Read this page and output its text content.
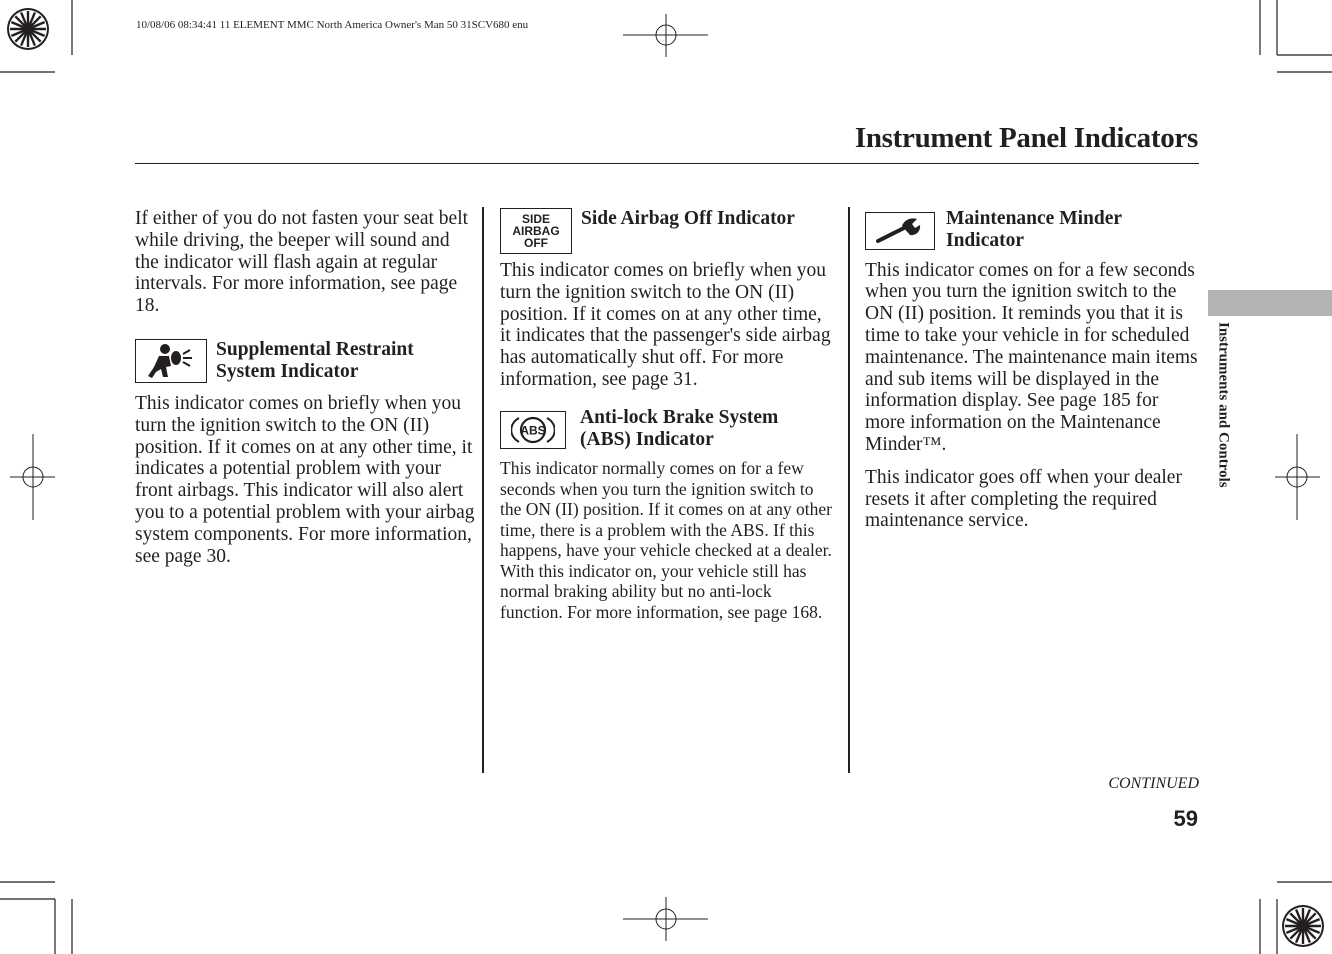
10/08/06 08:34:41 11 ELEMENT MMC North America Owner's Man 50 31SCV680 enu
Instrument Panel Indicators

If either of you do not fasten your seat belt while driving, the beeper will sound and the indicator will flash again at regular intervals. For more information, see page 18.

Supplemental Restraint System Indicator

This indicator comes on briefly when you turn the ignition switch to the ON (II) position. If it comes on at any other time, it indicates a potential problem with your front airbags. This indicator will also alert you to a potential problem with your airbag system components. For more information, see page 30.

SIDE
AIRBAG
OFF
Side Airbag Off Indicator

This indicator comes on briefly when you turn the ignition switch to the ON (II) position. If it comes on at any other time, it indicates that the passenger's side airbag has automatically shut off. For more information, see page 31.

ABS
Anti-lock Brake System (ABS) Indicator

This indicator normally comes on for a few seconds when you turn the ignition switch to the ON (II) position. If it comes on at any other time, there is a problem with the ABS. If this happens, have your vehicle checked at a dealer. With this indicator on, your vehicle still has normal braking ability but no anti-lock function. For more information, see page 168.

Maintenance Minder Indicator

This indicator comes on for a few seconds when you turn the ignition switch to the ON (II) position. It reminds you that it is time to take your vehicle in for scheduled maintenance. The maintenance main items and sub items will be displayed in the information display. See page 185 for more information on the Maintenance Minder™.

This indicator goes off when your dealer resets it after completing the required maintenance service.

Instruments and Controls
CONTINUED
59
